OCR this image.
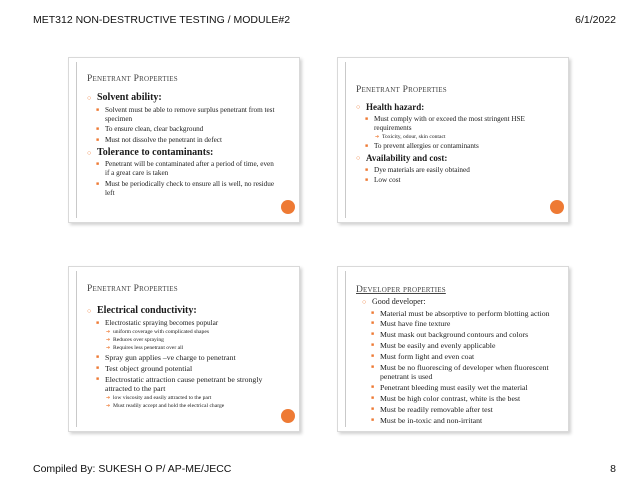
MET312 NON-DESTRUCTIVE TESTING / MODULE#2	6/1/2022
Penetrant Properties
○ Solvent ability:
■ Solvent must be able to remove surplus penetrant from test specimen
■ To ensure clean, clear background
■ Must not dissolve the penetrant in defect
○ Tolerance to contaminants:
■ Penetrant will be contaminated after a period of time, even if a great care is taken
■ Must be periodically check to ensure all is well, no residue left
Penetrant Properties
○ Health hazard:
■ Must comply with or exceed the most stringent HSE requirements
➔ Toxicity, odour, skin contact
■ To prevent allergies or contaminants
○ Availability and cost:
■ Dye materials are easily obtained
■ Low cost
Penetrant Properties
○ Electrical conductivity:
■ Electrostatic spraying becomes popular
➔ uniform coverage with complicated shapes
➔ Reduces over spraying
➔ Requires less penetrant over all
■ Spray gun applies –ve charge to penetrant
■ Test object ground potential
■ Electrostatic attraction cause penetrant be strongly attracted to the part
➔ low viscosity and easily attracted to the part
➔ Must readily accept and hold the electrical charge
Developer properties
○ Good developer:
■ Material must be absorptive to perform blotting action
■ Must have fine texture
■ Must mask out background contours and colors
■ Must be easily and evenly applicable
■ Must form light and even coat
■ Must be no fluorescing of developer when fluorescent penetrant is used
■ Penetrant bleeding must easily wet the material
■ Must be high color contrast, white is the best
■ Must be readily removable after test
■ Must be in-toxic and non-irritant
Compiled By: SUKESH O P/ AP-ME/JECC	8
